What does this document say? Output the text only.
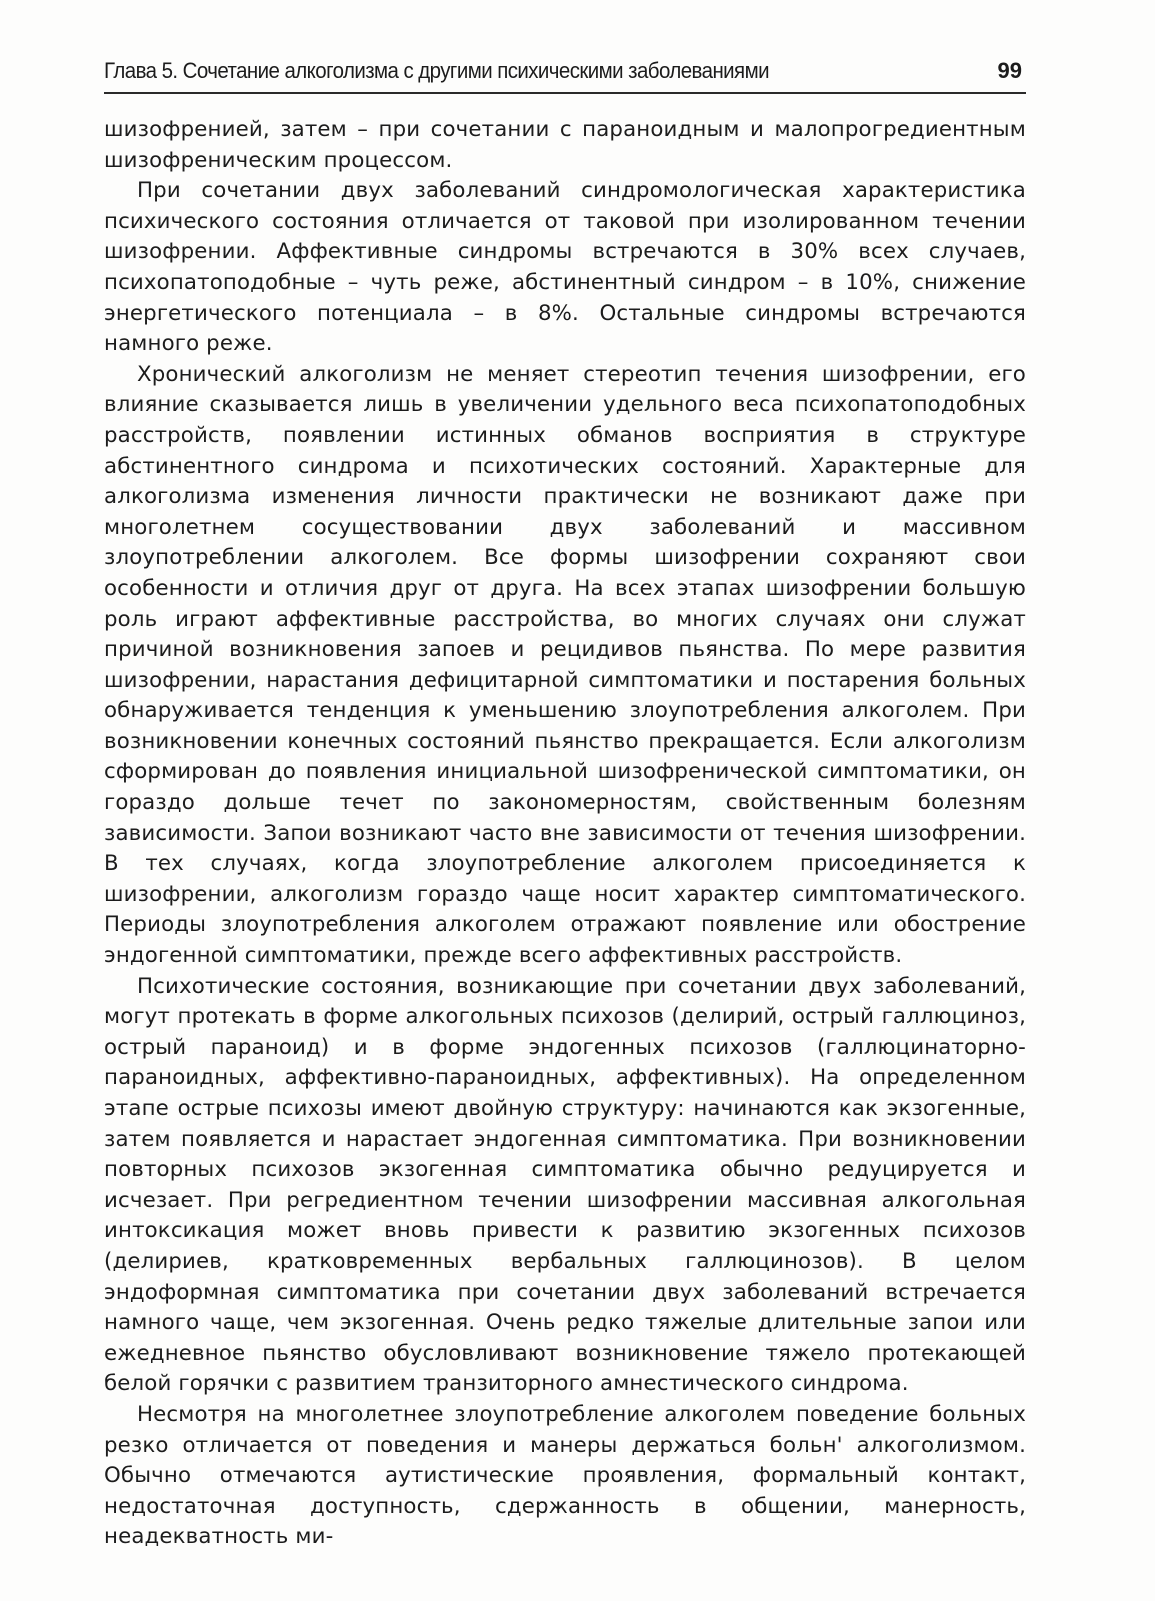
Глава 5. Сочетание алкоголизма с другими психическими заболеваниями	99

шизофренией, затем – при сочетании с параноидным и малопрогредиентным шизофреническим процессом.

При сочетании двух заболеваний синдромологическая характеристика психического состояния отличается от таковой при изолированном течении шизофрении. Аффективные синдромы встречаются в 30% всех случаев, психопатоподобные – чуть реже, абстинентный синдром – в 10%, снижение энергетического потенциала – в 8%. Остальные синдромы встречаются намного реже.

Хронический алкоголизм не меняет стереотип течения шизофрении, его влияние сказывается лишь в увеличении удельного веса психопатоподобных расстройств, появлении истинных обманов восприятия в структуре абстинентного синдрома и психотических состояний. Характерные для алкоголизма изменения личности практически не возникают даже при многолетнем сосуществовании двух заболеваний и массивном злоупотреблении алкоголем. Все формы шизофрении сохраняют свои особенности и отличия друг от друга. На всех этапах шизофрении большую роль играют аффективные расстройства, во многих случаях они служат причиной возникновения запоев и рецидивов пьянства. По мере развития шизофрении, нарастания дефицитарной симптоматики и постарения больных обнаруживается тенденция к уменьшению злоупотребления алкоголем. При возникновении конечных состояний пьянство прекращается. Если алкоголизм сформирован до появления инициальной шизофренической симптоматики, он гораздо дольше течет по закономерностям, свойственным болезням зависимости. Запои возникают часто вне зависимости от течения шизофрении. В тех случаях, когда злоупотребление алкоголем присоединяется к шизофрении, алкоголизм гораздо чаще носит характер симптоматического. Периоды злоупотребления алкоголем отражают появление или обострение эндогенной симптоматики, прежде всего аффективных расстройств.

Психотические состояния, возникающие при сочетании двух заболеваний, могут протекать в форме алкогольных психозов (делирий, острый галлюциноз, острый параноид) и в форме эндогенных психозов (галлюцинаторно-параноидных, аффективно-параноидных, аффективных). На определенном этапе острые психозы имеют двойную структуру: начинаются как экзогенные, затем появляется и нарастает эндогенная симптоматика. При возникновении повторных психозов экзогенная симптоматика обычно редуцируется и исчезает. При регредиентном течении шизофрении массивная алкогольная интоксикация может вновь привести к развитию экзогенных психозов (делириев, кратковременных вербальных галлюцинозов). В целом эндоформная симптоматика при сочетании двух заболеваний встречается намного чаще, чем экзогенная. Очень редко тяжелые длительные запои или ежедневное пьянство обусловливают возникновение тяжело протекающей белой горячки с развитием транзиторного амнестического синдрома.

Несмотря на многолетнее злоупотребление алкоголем поведение больных резко отличается от поведения и манеры держаться больн' алкоголизмом. Обычно отмечаются аутистические проявления, формальный контакт, недостаточная доступность, сдержанность в общении, манерность, неадекватность ми-
